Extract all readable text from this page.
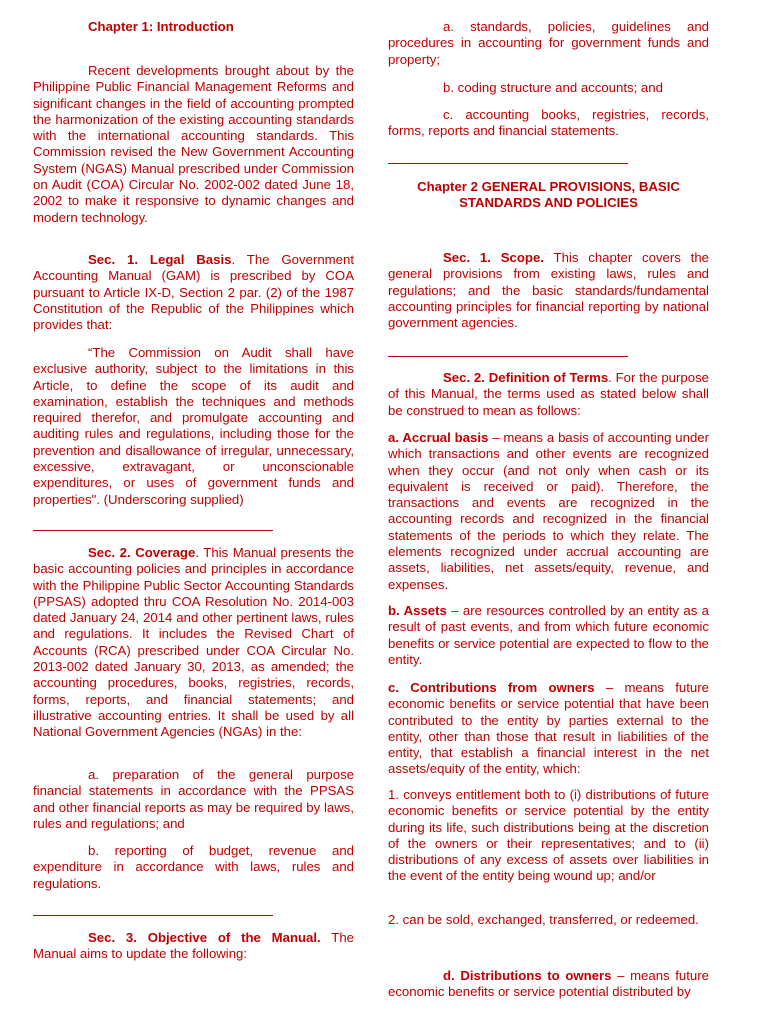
Chapter 1: Introduction

Recent developments brought about by the Philippine Public Financial Management Reforms and significant changes in the field of accounting prompted the harmonization of the existing accounting standards with the international accounting standards. This Commission revised the New Government Accounting System (NGAS) Manual prescribed under Commission on Audit (COA) Circular No. 2002-002 dated June 18, 2002 to make it responsive to dynamic changes and modern technology.

Sec. 1. Legal Basis. The Government Accounting Manual (GAM) is prescribed by COA pursuant to Article IX-D, Section 2 par. (2) of the 1987 Constitution of the Republic of the Philippines which provides that:

“The Commission on Audit shall have exclusive authority, subject to the limitations in this Article, to define the scope of its audit and examination, establish the techniques and methods required therefor, and promulgate accounting and auditing rules and regulations, including those for the prevention and disallowance of irregular, unnecessary, excessive, extravagant, or unconscionable expenditures, or uses of government funds and properties". (Underscoring supplied)

Sec. 2. Coverage. This Manual presents the basic accounting policies and principles in accordance with the Philippine Public Sector Accounting Standards (PPSAS) adopted thru COA Resolution No. 2014-003 dated January 24, 2014 and other pertinent laws, rules and regulations. It includes the Revised Chart of Accounts (RCA) prescribed under COA Circular No. 2013-002 dated January 30, 2013, as amended; the accounting procedures, books, registries, records, forms, reports, and financial statements; and illustrative accounting entries. It shall be used by all National Government Agencies (NGAs) in the:

a. preparation of the general purpose financial statements in accordance with the PPSAS and other financial reports as may be required by laws, rules and regulations; and

b. reporting of budget, revenue and expenditure in accordance with laws, rules and regulations.

Sec. 3. Objective of the Manual. The Manual aims to update the following:

a. standards, policies, guidelines and procedures in accounting for government funds and property;

b. coding structure and accounts; and

c. accounting books, registries, records, forms, reports and financial statements.

Chapter 2 GENERAL PROVISIONS, BASIC

STANDARDS AND POLICIES

Sec. 1. Scope. This chapter covers the general provisions from existing laws, rules and regulations; and the basic standards/fundamental accounting principles for financial reporting by national government agencies.

Sec. 2. Definition of Terms. For the purpose of this Manual, the terms used as stated below shall be construed to mean as follows:

a. Accrual basis – means a basis of accounting under which transactions and other events are recognized when they occur (and not only when cash or its equivalent is received or paid). Therefore, the transactions and events are recognized in the accounting records and recognized in the financial statements of the periods to which they relate. The elements recognized under accrual accounting are assets, liabilities, net assets/equity, revenue, and expenses.

b. Assets – are resources controlled by an entity as a result of past events, and from which future economic benefits or service potential are expected to flow to the entity.

c. Contributions from owners – means future economic benefits or service potential that have been contributed to the entity by parties external to the entity, other than those that result in liabilities of the entity, that establish a financial interest in the net assets/equity of the entity, which:

1. conveys entitlement both to (i) distributions of future economic benefits or service potential by the entity during its life, such distributions being at the discretion of the owners or their representatives; and to (ii) distributions of any excess of assets over liabilities in the event of the entity being wound up; and/or

2. can be sold, exchanged, transferred, or redeemed.

d. Distributions to owners – means future economic benefits or service potential distributed by
